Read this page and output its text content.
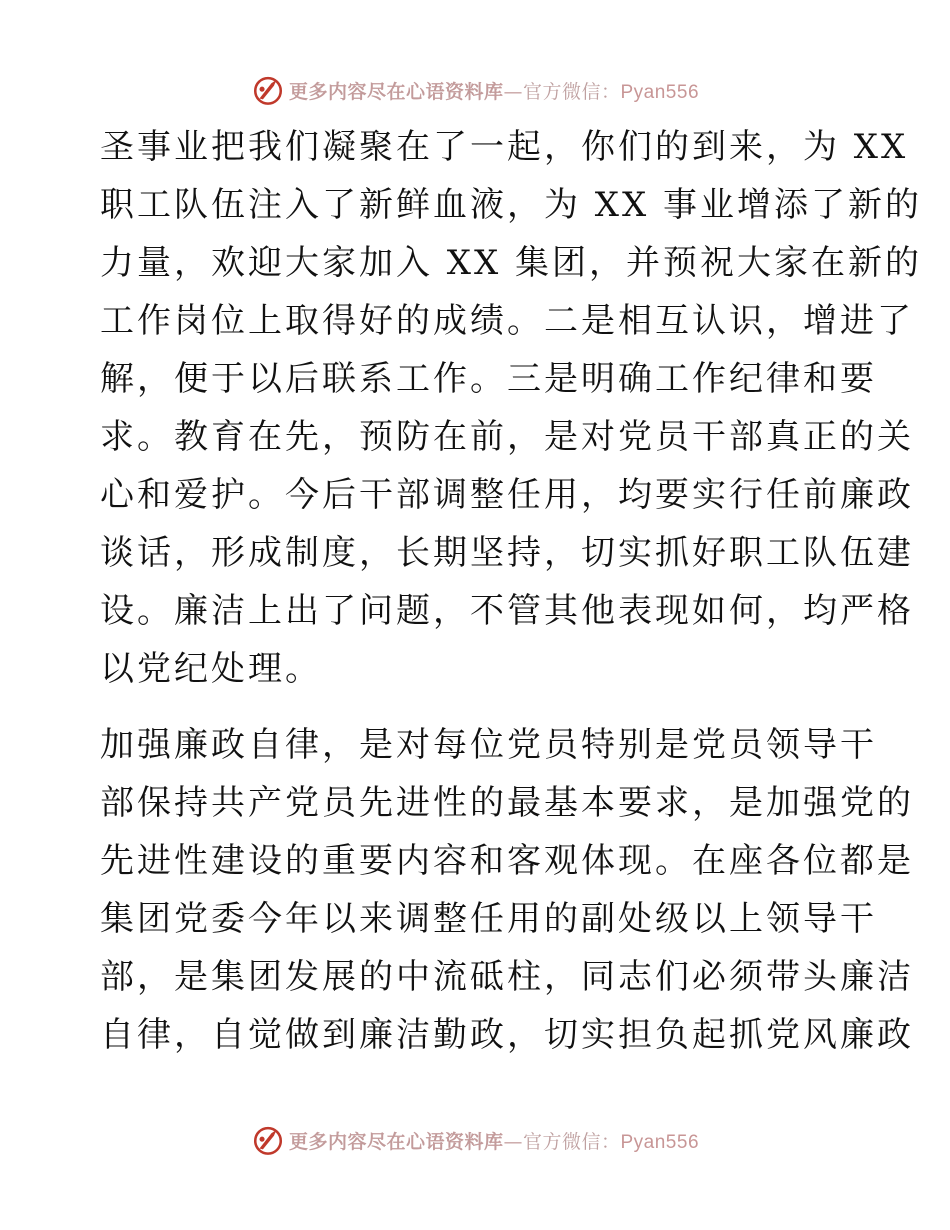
更多内容尽在心语资料库—官方微信：Pyan556
圣事业把我们凝聚在了一起，你们的到来，为 XX
职工队伍注入了新鲜血液，为 XX 事业增添了新的
力量，欢迎大家加入 XX 集团，并预祝大家在新的
工作岗位上取得好的成绩。二是相互认识，增进了
解，便于以后联系工作。三是明确工作纪律和要
求。教育在先，预防在前，是对党员干部真正的关
心和爱护。今后干部调整任用，均要实行任前廉政
谈话，形成制度，长期坚持，切实抓好职工队伍建
设。廉洁上出了问题，不管其他表现如何，均严格
以党纪处理。
加强廉政自律，是对每位党员特别是党员领导干
部保持共产党员先进性的最基本要求，是加强党的
先进性建设的重要内容和客观体现。在座各位都是
集团党委今年以来调整任用的副处级以上领导干
部，是集团发展的中流砥柱，同志们必须带头廉洁
自律，自觉做到廉洁勤政，切实担负起抓党风廉政
更多内容尽在心语资料库—官方微信：Pyan556
